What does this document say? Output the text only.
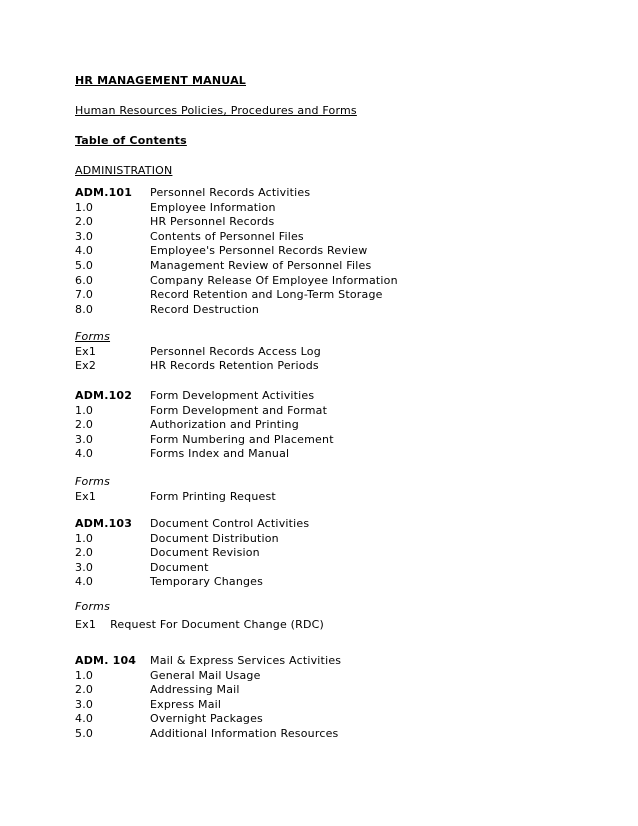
HR MANAGEMENT MANUAL
Human Resources Policies, Procedures and Forms
Table of Contents
ADMINISTRATION
ADM.101 Personnel Records Activities
1.0	Employee Information
2.0	HR Personnel Records
3.0	Contents of Personnel Files
4.0	Employee's Personnel Records Review
5.0	Management Review of Personnel Files
6.0	Company Release Of Employee Information
7.0	Record Retention and Long-Term Storage
8.0	Record Destruction
Forms
Ex1	Personnel Records Access Log
Ex2	HR Records Retention Periods
ADM.102 Form Development Activities
1.0	Form Development and Format
2.0	Authorization and Printing
3.0	Form Numbering and Placement
4.0	Forms Index and Manual
Forms
Ex1	Form Printing Request
ADM.103 Document Control Activities
1.0	Document Distribution
2.0	Document Revision
3.0	Document
4.0	Temporary Changes
Forms
Ex1 Request For Document Change (RDC)
ADM. 104 Mail & Express Services Activities
1.0	General Mail Usage
2.0	Addressing Mail
3.0	Express Mail
4.0	Overnight Packages
5.0	Additional Information Resources
